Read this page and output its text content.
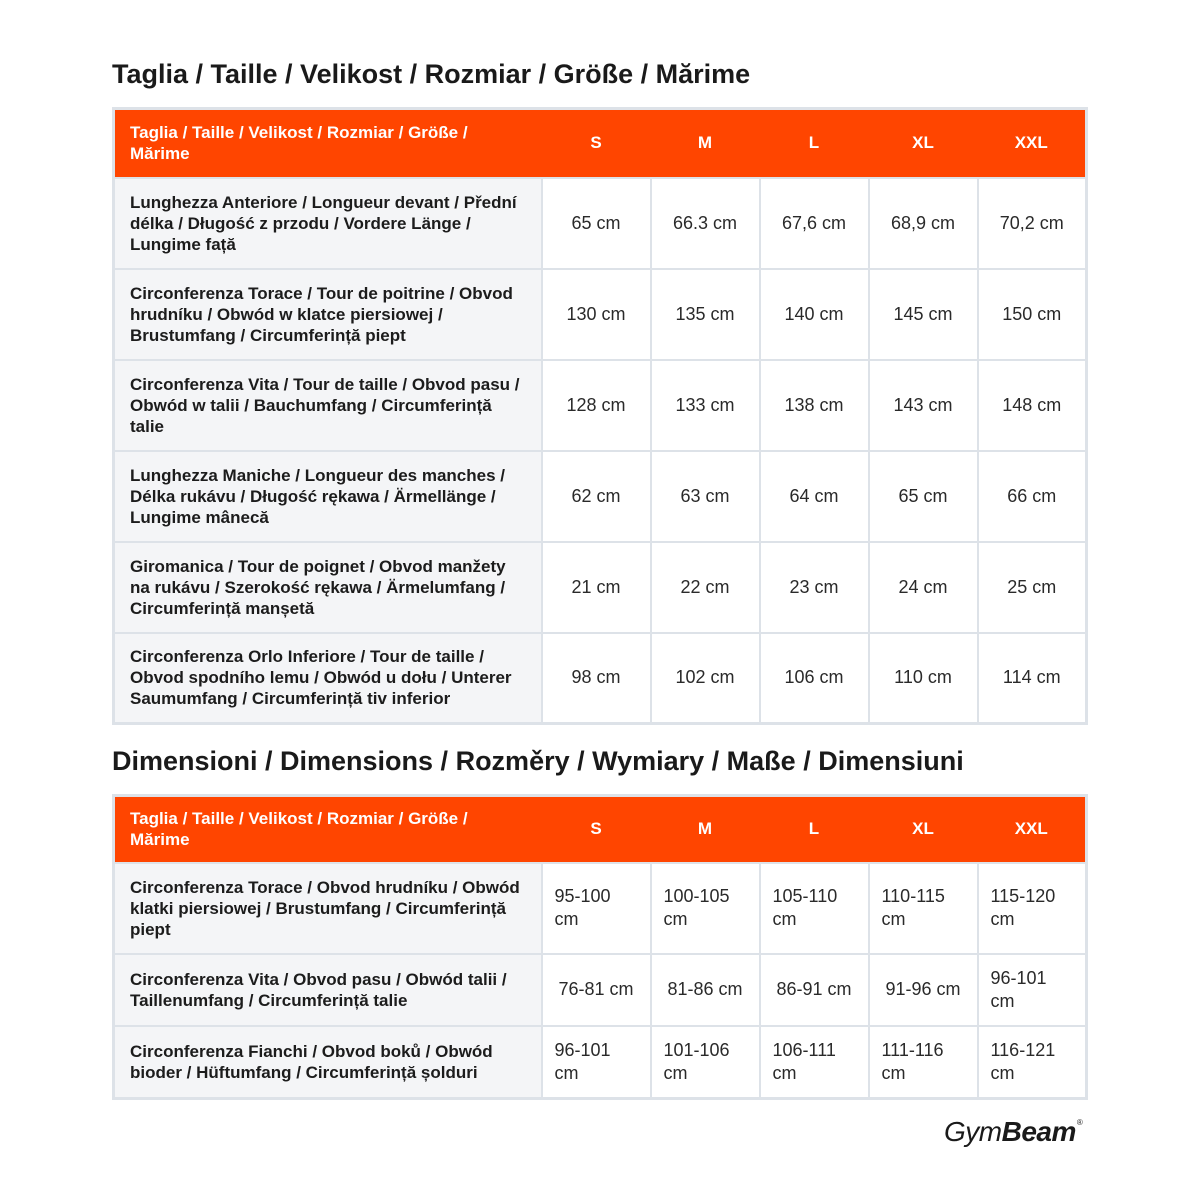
Taglia / Taille / Velikost / Rozmiar / Größe / Mărime
Taglia / Taille / Velikost / Rozmiar / Größe / Mărime	S	M	L	XL	XXL
Lunghezza Anteriore / Longueur devant / Přední délka / Długość z przodu / Vordere Länge / Lungime față	65 cm	66.3 cm	67,6 cm	68,9 cm	70,2 cm
Circonferenza Torace / Tour de poitrine / Obvod hrudníku / Obwód w klatce piersiowej / Brustumfang / Circumferință piept	130 cm	135 cm	140 cm	145 cm	150 cm
Circonferenza Vita / Tour de taille / Obvod pasu / Obwód w talii / Bauchumfang / Circumferință talie	128 cm	133 cm	138 cm	143 cm	148 cm
Lunghezza Maniche / Longueur des manches / Délka rukávu / Długość rękawa / Ärmellänge / Lungime mânecă	62 cm	63 cm	64 cm	65 cm	66 cm
Giromanica / Tour de poignet / Obvod manžety na rukávu / Szerokość rękawa / Ärmelumfang / Circumferință manșetă	21 cm	22 cm	23 cm	24 cm	25 cm
Circonferenza Orlo Inferiore / Tour de taille / Obvod spodního lemu / Obwód u dołu / Unterer Saumumfang / Circumferință tiv inferior	98 cm	102 cm	106 cm	110 cm	114 cm
Dimensioni / Dimensions / Rozměry / Wymiary / Maße / Dimensiuni
Taglia / Taille / Velikost / Rozmiar / Größe / Mărime	S	M	L	XL	XXL
Circonferenza Torace / Obvod hrudníku / Obwód klatki piersiowej / Brustumfang / Circumferință piept	95-100 cm	100-105 cm	105-110 cm	110-115 cm	115-120 cm
Circonferenza Vita / Obvod pasu / Obwód talii / Taillenumfang / Circumferință talie	76-81 cm	81-86 cm	86-91 cm	91-96 cm	96-101 cm
Circonferenza Fianchi / Obvod boků / Obwód bioder / Hüftumfang / Circumferință șolduri	96-101 cm	101-106 cm	106-111 cm	111-116 cm	116-121 cm
GymBeam®
